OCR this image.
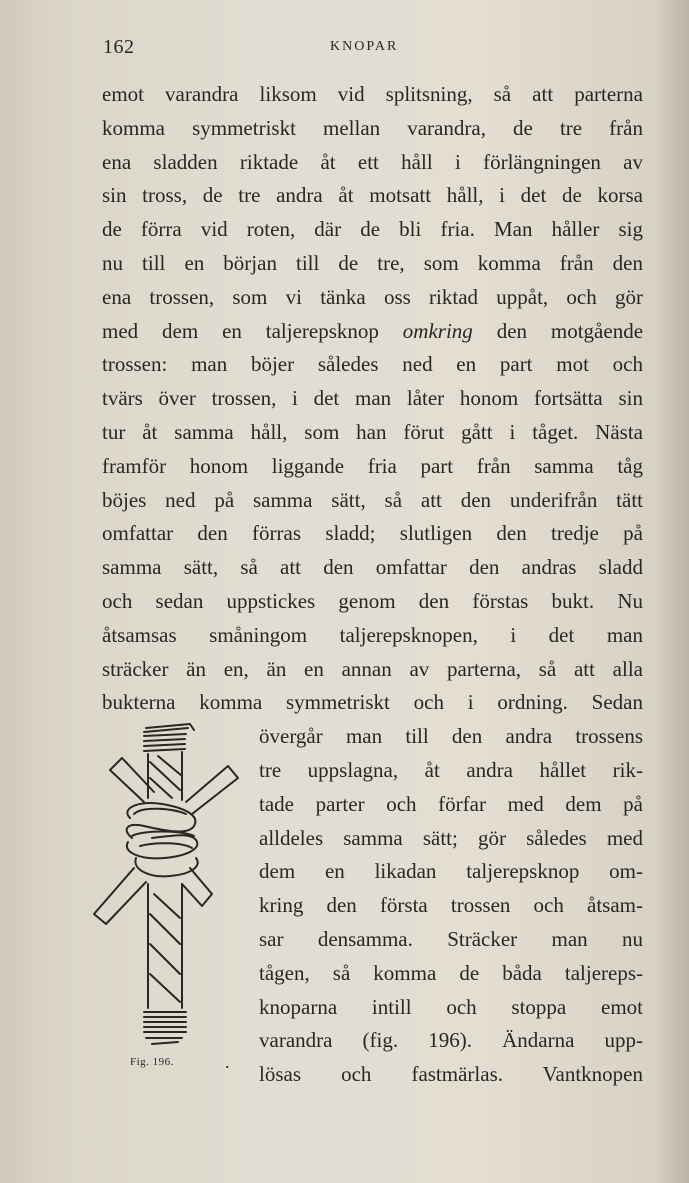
162	KNOPAR
emot varandra liksom vid splitsning, så att parterna
komma symmetriskt mellan varandra, de tre från
ena sladden riktade åt ett håll i förlängningen av
sin tross, de tre andra åt motsatt håll, i det de korsa
de förra vid roten, där de bli fria. Man håller sig
nu till en början till de tre, som komma från den
ena trossen, som vi tänka oss riktad uppåt, och gör
med dem en taljerepsknop omkring den motgående
trossen: man böjer således ned en part mot och
tvärs över trossen, i det man låter honom fortsätta sin
tur åt samma håll, som han förut gått i tåget. Nästa
framför honom liggande fria part från samma tåg
böjes ned på samma sätt, så att den underifrån tätt
omfattar den förras sladd; slutligen den tredje på
samma sätt, så att den omfattar den andras sladd
och sedan uppstickes genom den förstas bukt. Nu
åtsamsas småningom taljerepsknopen, i det man
sträcker än en, än en annan av parterna, så att alla
bukterna komma symmetriskt och i ordning. Sedan
övergår man till den andra trossens
tre uppslagna, åt andra hållet rik-
tade parter och förfar med dem på
alldeles samma sätt; gör således med
dem en likadan taljerepsknop om-
kring den första trossen och åtsam-
sar densamma. Sträcker man nu
tågen, så komma de båda taljereps-
knoparna intill och stoppa emot
varandra (fig. 196). Ändarna upp-
lösas och fastmärlas. Vantknopen
Fig. 196.	.
